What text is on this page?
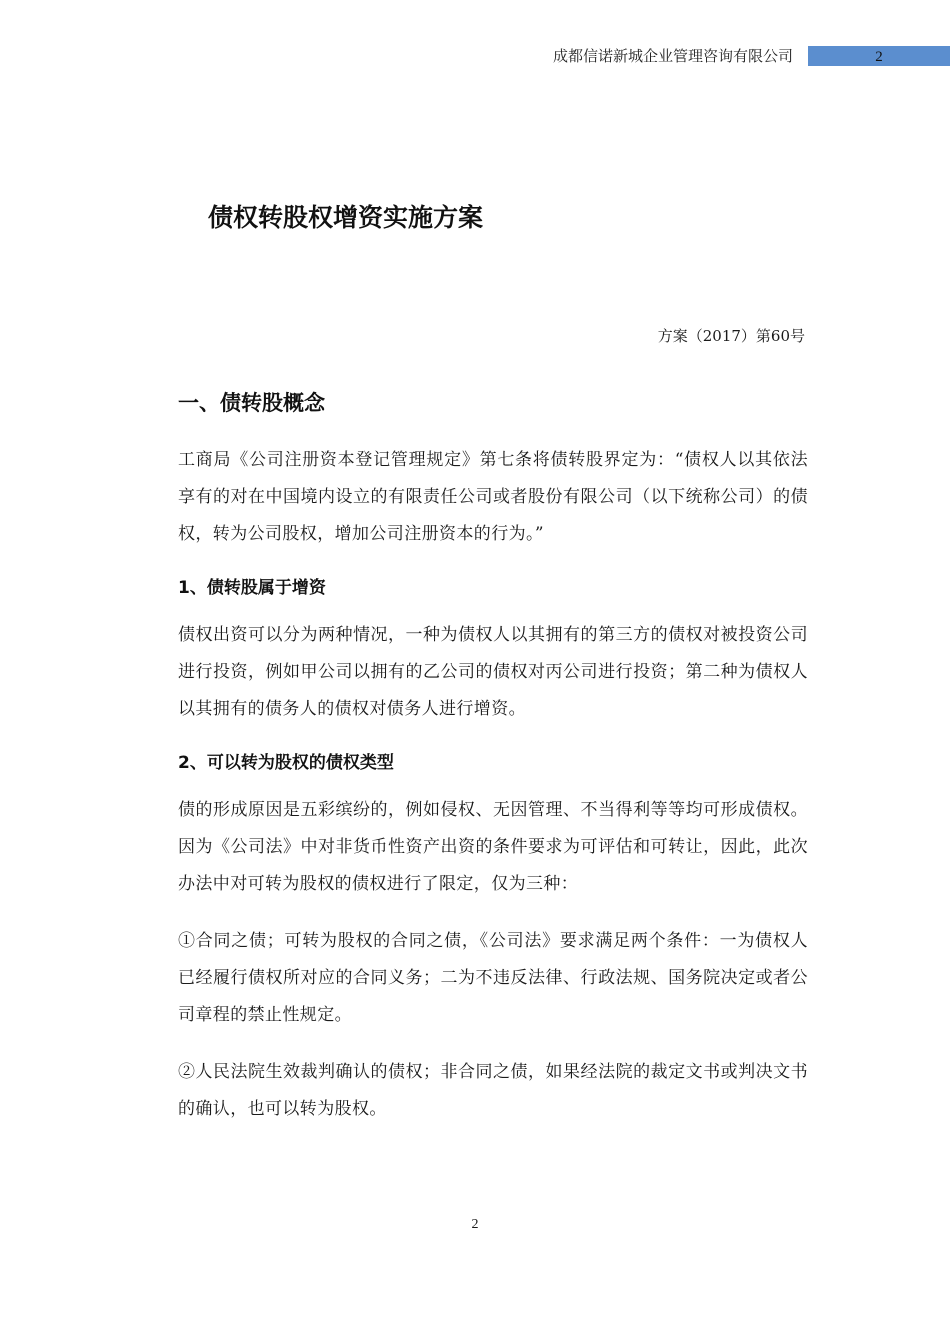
成都信诺新城企业管理咨询有限公司	2
债权转股权增资实施方案
方案（2017）第60号
一、债转股概念

工商局《公司注册资本登记管理规定》第七条将债转股界定为：“债权人以其依法享有的对在中国境内设立的有限责任公司或者股份有限公司（以下统称公司）的债权，转为公司股权，增加公司注册资本的行为。”

1、债转股属于增资

债权出资可以分为两种情况，一种为债权人以其拥有的第三方的债权对被投资公司进行投资，例如甲公司以拥有的乙公司的债权对丙公司进行投资；第二种为债权人以其拥有的债务人的债权对债务人进行增资。

2、可以转为股权的债权类型

债的形成原因是五彩缤纷的，例如侵权、无因管理、不当得利等等均可形成债权。因为《公司法》中对非货币性资产出资的条件要求为可评估和可转让，因此，此次办法中对可转为股权的债权进行了限定，仅为三种：

①合同之债；可转为股权的合同之债，《公司法》要求满足两个条件：一为债权人已经履行债权所对应的合同义务；二为不违反法律、行政法规、国务院决定或者公司章程的禁止性规定。

②人民法院生效裁判确认的债权；非合同之债，如果经法院的裁定文书或判决文书的确认，也可以转为股权。

2
